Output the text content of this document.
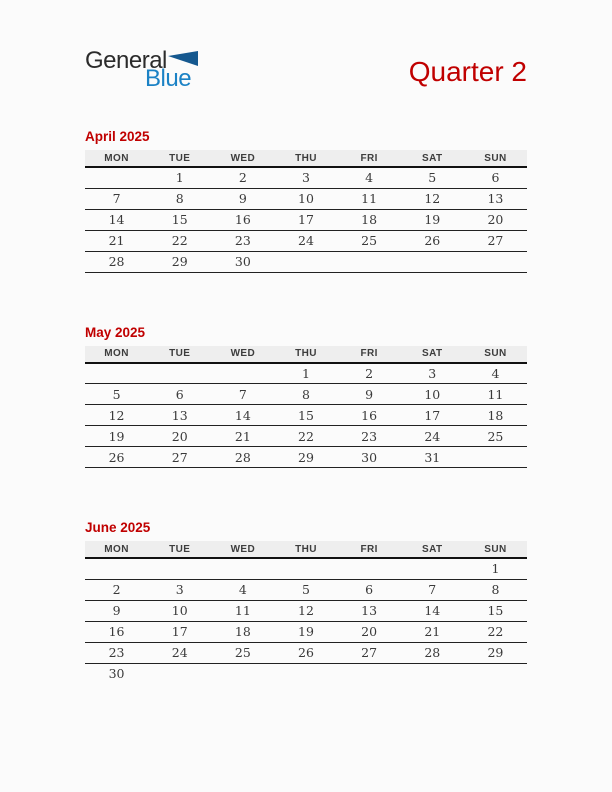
General
Blue	Quarter 2
April 2025
MON	TUE	WED	THU	FRI	SAT	SUN
	1	2	3	4	5	6
7	8	9	10	11	12	13
14	15	16	17	18	19	20
21	22	23	24	25	26	27
28	29	30				
May 2025
MON	TUE	WED	THU	FRI	SAT	SUN
			1	2	3	4
5	6	7	8	9	10	11
12	13	14	15	16	17	18
19	20	21	22	23	24	25
26	27	28	29	30	31	
June 2025
MON	TUE	WED	THU	FRI	SAT	SUN
						1
2	3	4	5	6	7	8
9	10	11	12	13	14	15
16	17	18	19	20	21	22
23	24	25	26	27	28	29
30						
